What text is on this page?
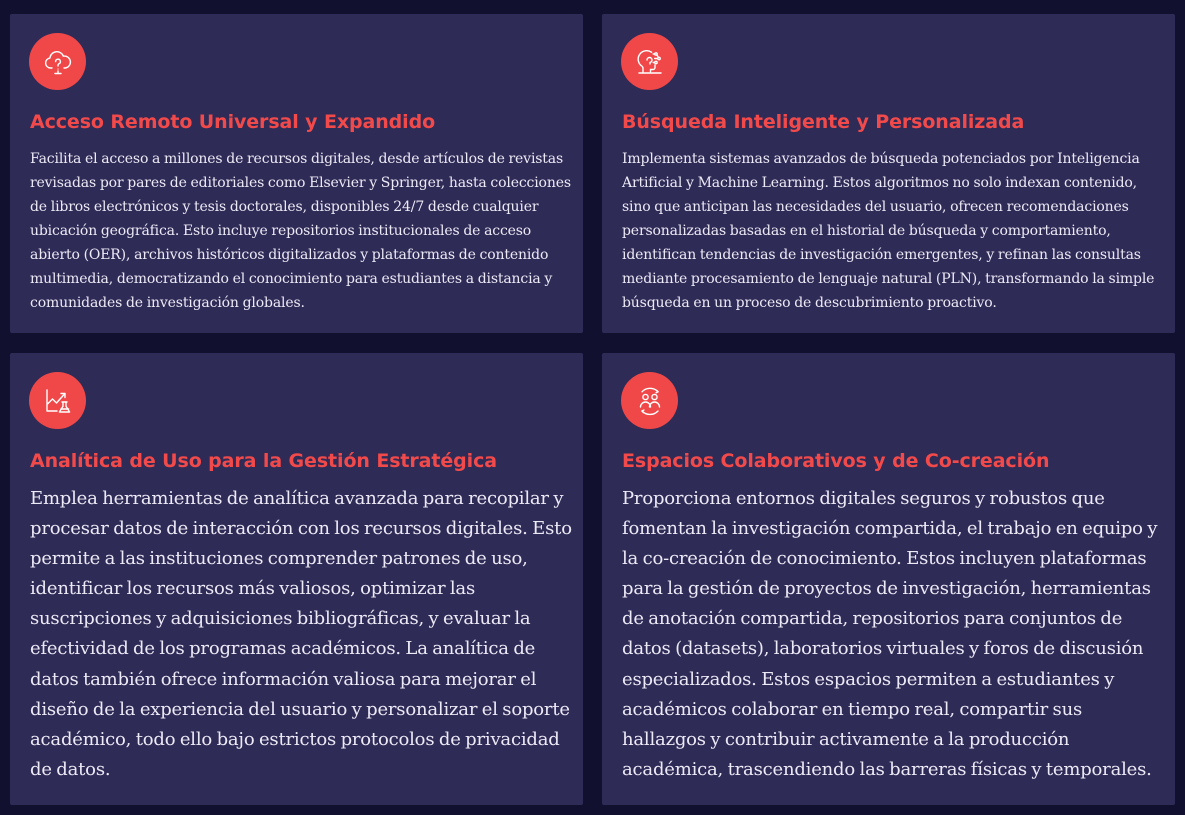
Acceso Remoto Universal y Expandido

Facilita el acceso a millones de recursos digitales, desde artículos de revistas revisadas por pares de editoriales como Elsevier y Springer, hasta colecciones de libros electrónicos y tesis doctorales, disponibles 24/7 desde cualquier ubicación geográfica. Esto incluye repositorios institucionales de acceso abierto (OER), archivos históricos digitalizados y plataformas de contenido multimedia, democratizando el conocimiento para estudiantes a distancia y comunidades de investigación globales.

Búsqueda Inteligente y Personalizada

Implementa sistemas avanzados de búsqueda potenciados por Inteligencia Artificial y Machine Learning. Estos algoritmos no solo indexan contenido, sino que anticipan las necesidades del usuario, ofrecen recomendaciones personalizadas basadas en el historial de búsqueda y comportamiento, identifican tendencias de investigación emergentes, y refinan las consultas mediante procesamiento de lenguaje natural (PLN), transformando la simple búsqueda en un proceso de descubrimiento proactivo.

Analítica de Uso para la Gestión Estratégica

Emplea herramientas de analítica avanzada para recopilar y procesar datos de interacción con los recursos digitales. Esto permite a las instituciones comprender patrones de uso, identificar los recursos más valiosos, optimizar las suscripciones y adquisiciones bibliográficas, y evaluar la efectividad de los programas académicos. La analítica de datos también ofrece información valiosa para mejorar el diseño de la experiencia del usuario y personalizar el soporte académico, todo ello bajo estrictos protocolos de privacidad de datos.

Espacios Colaborativos y de Co-creación

Proporciona entornos digitales seguros y robustos que fomentan la investigación compartida, el trabajo en equipo y la co-creación de conocimiento. Estos incluyen plataformas para la gestión de proyectos de investigación, herramientas de anotación compartida, repositorios para conjuntos de datos (datasets), laboratorios virtuales y foros de discusión especializados. Estos espacios permiten a estudiantes y académicos colaborar en tiempo real, compartir sus hallazgos y contribuir activamente a la producción académica, trascendiendo las barreras físicas y temporales.
